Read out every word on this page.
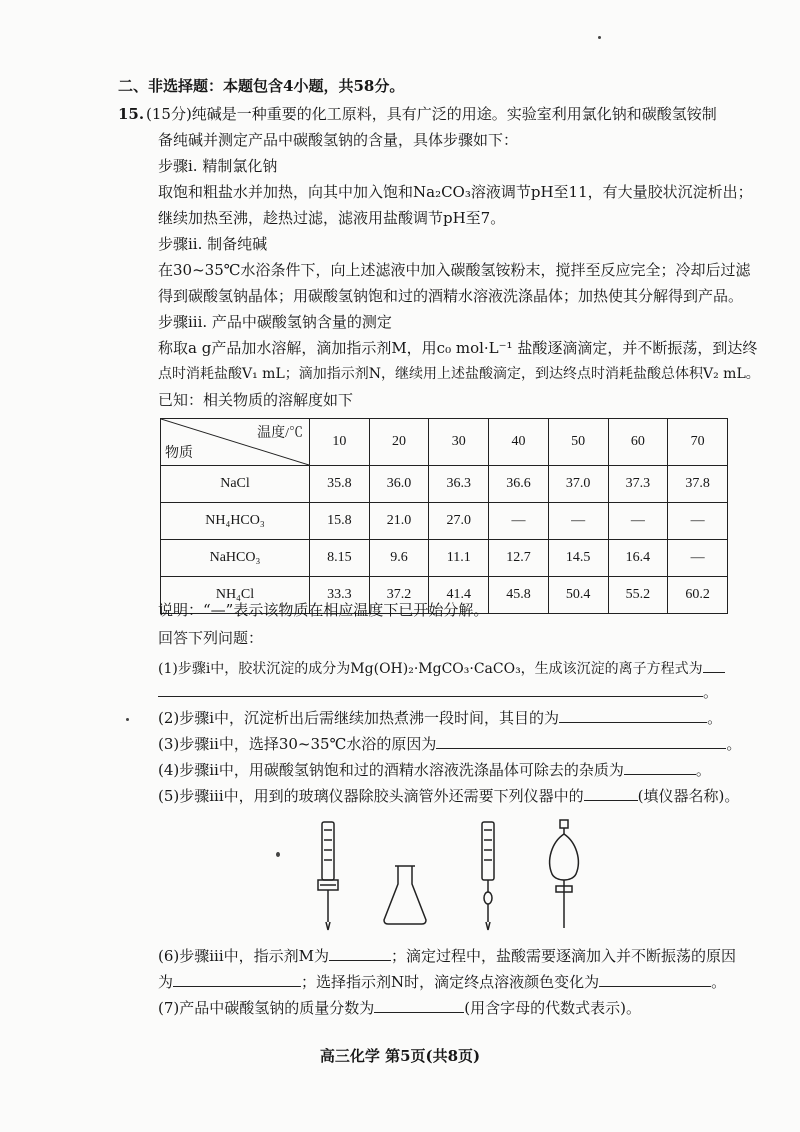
二、非选择题：本题包含4小题，共58分。
15. (15分)纯碱是一种重要的化工原料，具有广泛的用途。实验室利用氯化钠和碳酸氢铵制
备纯碱并测定产品中碳酸氢钠的含量，具体步骤如下：
步骤i. 精制氯化钠
取饱和粗盐水并加热，向其中加入饱和Na₂CO₃溶液调节pH至11，有大量胶状沉淀析出；
继续加热至沸，趁热过滤，滤液用盐酸调节pH至7。
步骤ii. 制备纯碱
在30~35℃水浴条件下，向上述滤液中加入碳酸氢铵粉末，搅拌至反应完全；冷却后过滤
得到碳酸氢钠晶体；用碳酸氢钠饱和过的酒精水溶液洗涤晶体；加热使其分解得到产品。
步骤iii. 产品中碳酸氢钠含量的测定
称取a g产品加水溶解，滴加指示剂M，用c₀ mol·L⁻¹ 盐酸逐滴滴定，并不断振荡，到达终
点时消耗盐酸V₁ mL；滴加指示剂N，继续用上述盐酸滴定，到达终点时消耗盐酸总体积V₂ mL。
已知：相关物质的溶解度如下
温度/℃
物质	10	20	30	40	50	60	70
NaCl	35.8	36.0	36.3	36.6	37.0	37.3	37.8
NH₄HCO₃	15.8	21.0	27.0	—	—	—	—
NaHCO₃	8.15	9.6	11.1	12.7	14.5	16.4	—
NH₄Cl	33.3	37.2	41.4	45.8	50.4	55.2	60.2
说明：“—”表示该物质在相应温度下已开始分解。
回答下列问题：
(1)步骤i中，胶状沉淀的成分为Mg(OH)₂·MgCO₃·CaCO₃，生成该沉淀的离子方程式为
。
(2)步骤i中，沉淀析出后需继续加热煮沸一段时间，其目的为	。
(3)步骤ii中，选择30~35℃水浴的原因为	。
(4)步骤ii中，用碳酸氢钠饱和过的酒精水溶液洗涤晶体可除去的杂质为	。
(5)步骤iii中，用到的玻璃仪器除胶头滴管外还需要下列仪器中的	(填仪器名称)。
(6)步骤iii中，指示剂M为	；滴定过程中，盐酸需要逐滴加入并不断振荡的原因
为	；选择指示剂N时，滴定终点溶液颜色变化为	。
(7)产品中碳酸氢钠的质量分数为	(用含字母的代数式表示)。
高三化学 第5页(共8页)
